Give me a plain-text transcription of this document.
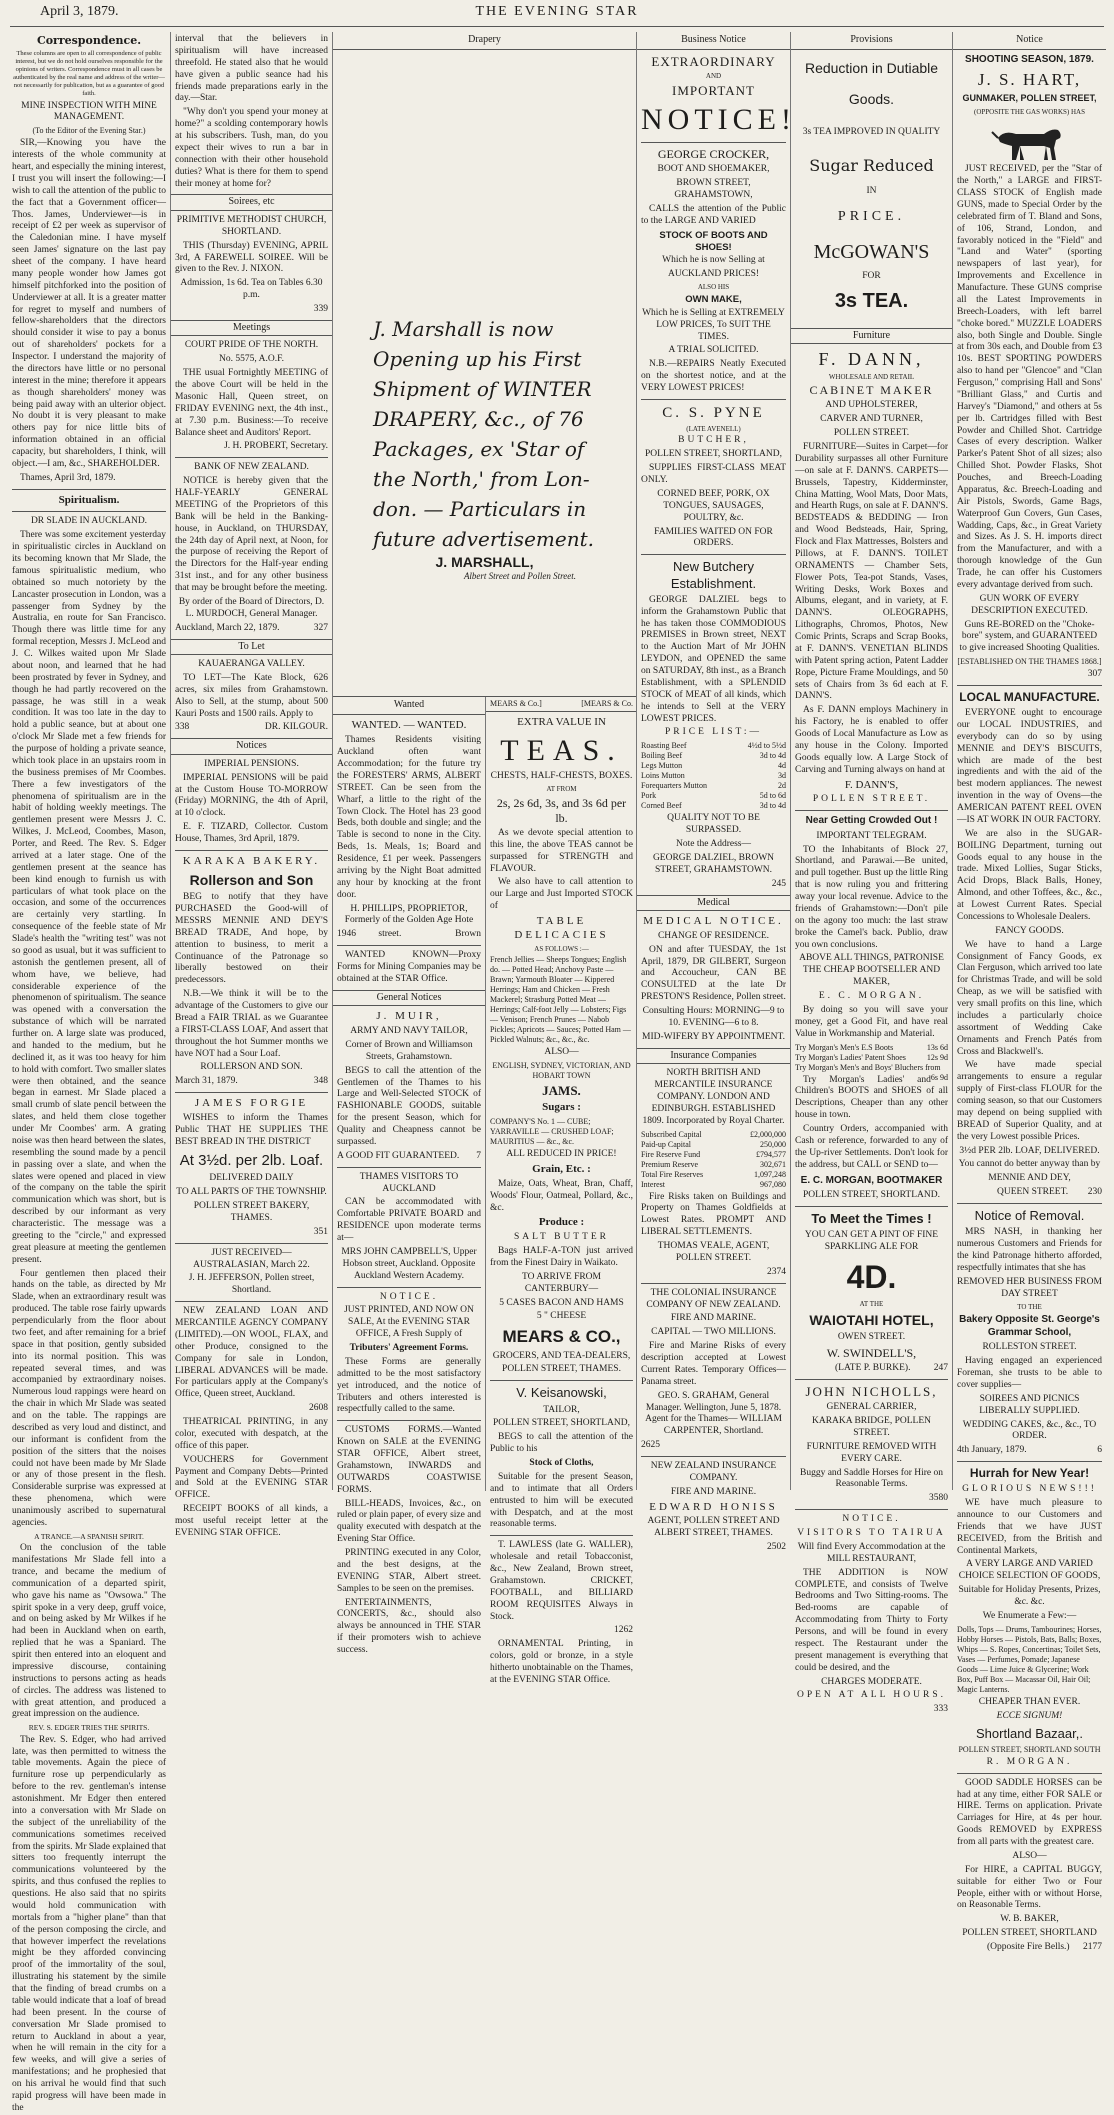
April 3, 1879.	THE EVENING STAR
Correspondence.
These columns are open to all correspondence of public interest, but we do not hold ourselves responsible for the opinions of writers. Correspondence must in all cases be authenticated by the real name and address of the writer—not necessarily for publication, but as a guarantee of good faith.
MINE INSPECTION WITH MINE MANAGEMENT.
(To the Editor of the Evening Star.)
SIR,—Knowing you have the interests of the whole community at heart, and especially the mining interest, I trust you will insert the following:—I wish to call the attention of the public to the fact that a Government officer—Thos. James, Underviewer—is in receipt of £2 per week as supervisor of the Caledonian mine. I have myself seen James' signature on the last pay sheet of the company. I have heard many people wonder how James got himself pitchforked into the position of Underviewer at all. It is a greater matter for regret to myself and numbers of fellow-shareholders that the directors should consider it wise to pay a bonus out of shareholders' pockets for a Inspector. I understand the majority of the directors have little or no personal interest in the mine; therefore it appears as though shareholders' money was being paid away with an ulterior object. No doubt it is very pleasant to make others pay for nice little bits of information obtained in an official capacity, but shareholders, I think, will object.—I am, &c., SHAREHOLDER.
Thames, April 3rd, 1879.
Spiritualism.
DR SLADE IN AUCKLAND.
There was some excitement yesterday in spiritualistic circles in Auckland on its becoming known that Mr Slade, the famous spiritualistic medium, who obtained so much notoriety by the Lancaster prosecution in London, was a passenger from Sydney by the Australia, en route for San Francisco. Though there was little time for any formal reception, Messrs J. McLeod and J. C. Wilkes waited upon Mr Slade about noon, and learned that he had been prostrated by fever in Sydney, and though he had partly recovered on the passage, he was still in a weak condition. It was too late in the day to hold a public seance, but at about one o'clock Mr Slade met a few friends for the purpose of holding a private seance, which took place in an upstairs room in the business premises of Mr Coombes. There a few investigators of the phenomena of spiritualism are in the habit of holding weekly meetings. The gentlemen present were Messrs J. C. Wilkes, J. McLeod, Coombes, Mason, Porter, and Reed. The Rev. S. Edger arrived at a later stage. One of the gentlemen present at the seance has been kind enough to furnish us with particulars of what took place on the occasion, and some of the occurrences are certainly very startling. In consequence of the feeble state of Mr Slade's health the "writing test" was not so good as usual, but it was sufficient to astonish the gentlemen present, all of whom have, we believe, had considerable experience of the phenomenon of spiritualism. The seance was opened with a conversation the substance of which will be narrated further on. A large slate was produced, and handed to the medium, but he declined it, as it was too heavy for him to hold with comfort. Two smaller slates were then obtained, and the seance began in earnest. Mr Slade placed a small crumb of slate pencil between the slates, and held them close together under Mr Coombes' arm. A grating noise was then heard between the slates, resembling the sound made by a pencil in passing over a slate, and when the slates were opened and placed in view of the company on the table the spirit communication which was short, but is described by our informant as very characteristic. The message was a greeting to the "circle," and expressed great pleasure at meeting the gentlemen present.
Four gentlemen then placed their hands on the table, as directed by Mr Slade, when an extraordinary result was produced. The table rose fairly upwards perpendicularly from the floor about two feet, and after remaining for a brief space in that position, gently subsided into its normal position. This was repeated several times, and was accompanied by extraordinary noises. Numerous loud rappings were heard on the chair in which Mr Slade was seated and on the table. The rappings are described as very loud and distinct, and our informant is confident from the position of the sitters that the noises could not have been made by Mr Slade or any of those present in the flesh. Considerable surprise was expressed at these phenomena, which were unanimously ascribed to supernatural agencies.
A TRANCE.—A SPANISH SPIRIT.
On the conclusion of the table manifestations Mr Slade fell into a trance, and became the medium of communication of a departed spirit, who gave his name as "Owsowa." The spirit spoke in a very deep, gruff voice, and on being asked by Mr Wilkes if he had been in Auckland when on earth, replied that he was a Spaniard. The spirit then entered into an eloquent and impressive discourse, containing instructions to persons acting as heads of circles. The address was listened to with great attention, and produced a great impression on the audience.
REV. S. EDGER TRIES THE SPIRITS.
The Rev. S. Edger, who had arrived late, was then permitted to witness the table movements. Again the piece of furniture rose up perpendicularly as before to the rev. gentleman's intense astonishment. Mr Edger then entered into a conversation with Mr Slade on the subject of the unreliability of the communications sometimes received from the spirits. Mr Slade explained that sitters too frequently interrupt the communications volunteered by the spirits, and thus confused the replies to questions. He also said that no spirits would hold communication with mortals from a "higher plane" than that of the person composing the circle, and that however imperfect the revelations might be they afforded convincing proof of the immortality of the soul, illustrating his statement by the simile that the finding of bread crumbs on a table would indicate that a loaf of bread had been present. In the course of conversation Mr Slade promised to return to Auckland in about a year, when he will remain in the city for a few weeks, and will give a series of manifestations; and he prophesied that on his arrival he would find that such rapid progress will have been made in the
interval that the believers in spiritualism will have increased threefold. He stated also that he would have given a public seance had his friends made preparations early in the day.—Star.
"Why don't you spend your money at home?" a scolding contemporary howls at his subscribers. Tush, man, do you expect their wives to run a bar in connection with their other household duties? What is there for them to spend their money at home for?
Soirees, etc
PRIMITIVE METHODIST CHURCH, SHORTLAND.
THIS (Thursday) EVENING, APRIL 3rd, A FAREWELL SOIREE. Will be given to the Rev. J. NIXON.
Admission, 1s 6d. Tea on Tables 6.30 p.m.
339
Meetings
COURT PRIDE OF THE NORTH.
No. 5575, A.O.F.
THE usual Fortnightly MEETING of the above Court will be held in the Masonic Hall, Queen street, on FRIDAY EVENING next, the 4th inst., at 7.30 p.m. Business:—To receive Balance sheet and Auditors' Report.
J. H. PROBERT, Secretary.
BANK OF NEW ZEALAND.
NOTICE is hereby given that the HALF-YEARLY GENERAL MEETING of the Proprietors of this Bank will be held in the Banking-house, in Auckland, on THURSDAY, the 24th day of April next, at Noon, for the purpose of receiving the Report of the Directors for the Half-year ending 31st inst., and for any other business that may be brought before the meeting.
By order of the Board of Directors, D. L. MURDOCH, General Manager.
Auckland, March 22, 1879.	327
To Let
KAUAERANGA VALLEY.
TO LET—The Kate Block, 626 acres, six miles from Grahamstown. Also to Sell, at the stump, about 500 Kauri Posts and 1500 rails. Apply to
338	DR. KILGOUR.
Notices
IMPERIAL PENSIONS.
IMPERIAL PENSIONS will be paid at the Custom House TO-MORROW (Friday) MORNING, the 4th of April, at 10 o'clock.
E. F. TIZARD, Collector. Custom House, Thames, 3rd April, 1879.
KARAKA BAKERY.
Rollerson and Son
BEG to notify that they have PURCHASED the Good-will of MESSRS MENNIE AND DEY'S BREAD TRADE, And hope, by attention to business, to merit a Continuance of the Patronage so liberally bestowed on their predecessors.
N.B.—We think it will be to the advantage of the Customers to give our Bread a FAIR TRIAL as we Guarantee a FIRST-CLASS LOAF, And assert that throughout the hot Summer months we have NOT had a Sour Loaf.
ROLLERSON AND SON.
March 31, 1879.	348
JAMES FORGIE
WISHES to inform the Thames Public THAT HE SUPPLIES THE BEST BREAD IN THE DISTRICT
At 3½d. per 2lb. Loaf.
DELIVERED DAILY
TO ALL PARTS OF THE TOWNSHIP.
POLLEN STREET BAKERY, THAMES.
351
JUST RECEIVED— AUSTRALASIAN, March 22.
J. H. JEFFERSON, Pollen street, Shortland.
NEW ZEALAND LOAN AND MERCANTILE AGENCY COMPANY (LIMITED).—ON WOOL, FLAX, and other Produce, consigned to the Company for sale in London, LIBERAL ADVANCES will be made. For particulars apply at the Company's Office, Queen street, Auckland.
2608
THEATRICAL PRINTING, in any color, executed with despatch, at the office of this paper.
VOUCHERS for Government Payment and Company Debts—Printed and Sold at the EVENING STAR OFFICE.
RECEIPT BOOKS of all kinds, a most useful receipt letter at the EVENING STAR OFFICE.
Drapery
J. Marshall is now
Opening up his First
Shipment of WINTER
DRAPERY, &c., of 76
Packages, ex 'Star of
the North,' from Lon-
don. — Particulars in
future advertisement.
J. MARSHALL,
Albert Street and Pollen Street.
Wanted
WANTED. — WANTED.
Thames Residents visiting Auckland often want Accommodation; for the future try the FORESTERS' ARMS, ALBERT STREET. Can be seen from the Wharf, a little to the right of the Town Clock. The Hotel has 23 good Beds, both double and single; and the Table is second to none in the City. Beds, 1s. Meals, 1s; Board and Residence, £1 per week. Passengers arriving by the Night Boat admitted any hour by knocking at the front door.
H. PHILLIPS, PROPRIETOR, Formerly of the Golden Age Hote
1946 street.	Brown
WANTED KNOWN—Proxy Forms for Mining Companies may be obtained at the STAR Office.
General Notices
J. MUIR,
ARMY AND NAVY TAILOR,
Corner of Brown and Williamson Streets, Grahamstown.
BEGS to call the attention of the Gentlemen of the Thames to his Large and Well-Selected STOCK of FASHIONABLE GOODS, suitable for the present Season, which for Quality and Cheapness cannot be surpassed.
A GOOD FIT GUARANTEED. 7
THAMES VISITORS TO AUCKLAND
CAN be accommodated with Comfortable PRIVATE BOARD and RESIDENCE upon moderate terms at—
MRS JOHN CAMPBELL'S, Upper Hobson street, Auckland. Opposite Auckland Western Academy.
NOTICE.
JUST PRINTED, AND NOW ON SALE, At the EVENING STAR OFFICE, A Fresh Supply of
Tributers' Agreement Forms.
These Forms are generally admitted to be the most satisfactory yet introduced, and the notice of Tributers and others interested is respectfully called to the same.
CUSTOMS FORMS.—Wanted Known on SALE at the EVENING STAR OFFICE, Albert street, Grahamstown, INWARDS and OUTWARDS COASTWISE FORMS.
BILL-HEADS, Invoices, &c., on ruled or plain paper, of every size and quality executed with despatch at the Evening Star Office.
PRINTING executed in any Color, and the best designs, at the EVENING STAR, Albert street. Samples to be seen on the premises.
ENTERTAINMENTS, CONCERTS, &c., should also always be announced in THE STAR if their promoters wish to achieve success.
MEARS & Co.]	[MEARS & Co.
EXTRA VALUE IN
TEAS.
CHESTS, HALF-CHESTS, BOXES.
AT FROM
2s, 2s 6d, 3s, and 3s 6d per lb.
As we devote special attention to this line, the above TEAS cannot be surpassed for STRENGTH and FLAVOUR.
We also have to call attention to our Large and Just Imported STOCK of
TABLE DELICACIES
AS FOLLOWS :—
French Jellies — Sheeps Tongues; English do. — Potted Head; Anchovy Paste — Brawn; Yarmouth Bloater — Kippered Herrings; Ham and Chicken — Fresh Mackerel; Strasburg Potted Meat — Herrings; Calf-foot Jelly — Lobsters; Figs — Venison; French Prunes — Nabob Pickles; Apricots — Sauces; Potted Ham — Pickled Walnuts; &c., &c., &c.
ALSO—
ENGLISH, SYDNEY, VICTORIAN, AND HOBART TOWN
JAMS.
Sugars :
COMPANY'S No. 1 — CUBE; YARRAVILLE — CRUSHED LOAF; MAURITIUS — &c., &c.
ALL REDUCED IN PRICE!
Grain, Etc. :
Maize, Oats, Wheat, Bran, Chaff, Woods' Flour, Oatmeal, Pollard, &c., &c.
Produce :
SALT BUTTER
Bags HALF-A-TON just arrived from the Finest Dairy in Waikato.
TO ARRIVE FROM CANTERBURY—
5 CASES BACON AND HAMS
5 " CHEESE
MEARS & CO.,
GROCERS, AND TEA-DEALERS,
POLLEN STREET, THAMES.
V. Keisanowski,
TAILOR,
POLLEN STREET, SHORTLAND,
BEGS to call the attention of the Public to his
Stock of Cloths,
Suitable for the present Season, and to intimate that all Orders entrusted to him will be executed with Despatch, and at the most reasonable terms.
T. LAWLESS (late G. WALLER), wholesale and retail Tobacconist, &c., New Zealand, Brown street, Grahamstown. CRICKET, FOOTBALL, and BILLIARD ROOM REQUISITES Always in Stock.
1262
ORNAMENTAL Printing, in colors, gold or bronze, in a style hitherto unobtainable on the Thames, at the EVENING STAR Office.
Business Notice
EXTRAORDINARY
AND
IMPORTANT
NOTICE!
GEORGE CROCKER,
BOOT AND SHOEMAKER,
BROWN STREET, GRAHAMSTOWN,
CALLS the attention of the Public to the LARGE AND VARIED
STOCK OF BOOTS AND SHOES!
Which he is now Selling at
AUCKLAND PRICES!
ALSO HIS
OWN MAKE,
Which he is Selling at EXTREMELY LOW PRICES, To SUIT THE TIMES.
A TRIAL SOLICITED.
N.B.—REPAIRS Neatly Executed on the shortest notice, and at the VERY LOWEST PRICES!
C. S. PYNE
(LATE AVENELL)
BUTCHER,
POLLEN STREET, SHORTLAND,
SUPPLIES FIRST-CLASS MEAT ONLY.
CORNED BEEF, PORK, OX TONGUES, SAUSAGES, POULTRY, &c.
FAMILIES WAITED ON FOR ORDERS.
New Butchery Establishment.
GEORGE DALZIEL begs to inform the Grahamstown Public that he has taken those COMMODIOUS PREMISES in Brown street, NEXT to the Auction Mart of Mr JOHN LEYDON, and OPENED the same on SATURDAY, 8th inst., as a Branch Establishment, with a SPLENDID STOCK of MEAT of all kinds, which he intends to Sell at the VERY LOWEST PRICES.
PRICE LIST:—
Roasting Beef	4½d to 5½d
Boiling Beef	3d to 4d
Legs Mutton	4d
Loins Mutton	3d
Forequarters Mutton	2d
Pork	5d to 6d
Corned Beef	3d to 4d
QUALITY NOT TO BE SURPASSED.
Note the Address—
GEORGE DALZIEL, BROWN STREET, GRAHAMSTOWN.
245
Medical
MEDICAL NOTICE.
CHANGE OF RESIDENCE.
ON and after TUESDAY, the 1st April, 1879, DR GILBERT, Surgeon and Accoucheur, CAN BE CONSULTED at the late Dr PRESTON'S Residence, Pollen street.
Consulting Hours: MORNING—9 to 10. EVENING—6 to 8.
MID-WIFERY BY APPOINTMENT.
Insurance Companies
NORTH BRITISH AND MERCANTILE INSURANCE COMPANY. LONDON AND EDINBURGH. ESTABLISHED 1809. Incorporated by Royal Charter.
Subscribed Capital	£2,000,000
Paid-up Capital	250,000
Fire Reserve Fund	£794,577
Premium Reserve	302,671
Total Fire Reserves	1,097,248
Interest	967,080
Fire Risks taken on Buildings and Property on Thames Goldfields at Lowest Rates. PROMPT AND LIBERAL SETTLEMENTS.
THOMAS VEALE, AGENT, POLLEN STREET.
2374
THE COLONIAL INSURANCE COMPANY OF NEW ZEALAND.
FIRE AND MARINE.
CAPITAL — TWO MILLIONS.
Fire and Marine Risks of every description accepted at Lowest Current Rates. Temporary Offices—Panama street.
GEO. S. GRAHAM, General Manager. Wellington, June 5, 1878. Agent for the Thames— WILLIAM CARPENTER, Shortland.
2625
NEW ZEALAND INSURANCE COMPANY.
FIRE AND MARINE.
EDWARD HONISS
AGENT, POLLEN STREET AND ALBERT STREET, THAMES.
2502
Provisions
Reduction in Dutiable
Goods.
3s TEA IMPROVED IN QUALITY
Sugar Reduced
IN
PRICE.
McGOWAN'S
FOR
3s TEA.
Furniture
F. DANN,
WHOLESALE AND RETAIL
CABINET MAKER
AND UPHOLSTERER,
CARVER AND TURNER,
POLLEN STREET.
FURNITURE—Suites in Carpet—for Durability surpasses all other Furniture—on sale at F. DANN'S. CARPETS—Brussels, Tapestry, Kidderminster, China Matting, Wool Mats, Door Mats, and Hearth Rugs, on sale at F. DANN'S. BEDSTEADS & BEDDING — Iron and Wood Bedsteads, Hair, Spring, Flock and Flax Mattresses, Bolsters and Pillows, at F. DANN'S. TOILET ORNAMENTS — Chamber Sets, Flower Pots, Tea-pot Stands, Vases, Writing Desks, Work Boxes and Albums, elegant, and in variety, at F. DANN'S. OLEOGRAPHS, Lithographs, Chromos, Photos, New Comic Prints, Scraps and Scrap Books, at F. DANN'S. VENETIAN BLINDS with Patent spring action, Patent Ladder Rope, Picture Frame Mouldings, and 50 sets of Chairs from 3s 6d each at F. DANN'S.
As F. DANN employs Machinery in his Factory, he is enabled to offer Goods of Local Manufacture as Low as any house in the Colony. Imported Goods equally low. A Large Stock of Carving and Turning always on hand at
F. DANN'S,
POLLEN STREET.
Near Getting Crowded Out !
IMPORTANT TELEGRAM.
TO the Inhabitants of Block 27, Shortland, and Parawai.—Be united, and pull together. Bust up the little Ring that is now ruling you and frittering away your local revenue. Advice to the friends of Grahamstown:—Don't pile on the agony too much: the last straw broke the Camel's back. Publio, draw you own conclusions.
ABOVE ALL THINGS, PATRONISE THE CHEAP BOOTSELLER AND MAKER,
E. C. MORGAN.
By doing so you will save your money, get a Good Fit, and have real Value in Workmanship and Material.
Try Morgan's Men's E.S Boots	13s 6d
Try Morgan's Ladies' Patent Shoes	12s 9d
Try Morgan's Men's and Boys' Bluchers from
6s 9d
Try Morgan's Ladies' and Children's BOOTS and SHOES of all Descriptions, Cheaper than any other house in town.
Country Orders, accompanied with Cash or reference, forwarded to any of the Up-river Settlements. Don't look for the address, but CALL or SEND to—
E. C. MORGAN, BOOTMAKER
POLLEN STREET, SHORTLAND.
To Meet the Times !
YOU CAN GET A PINT OF FINE SPARKLING ALE FOR
4D.
AT THE
WAIOTAHI HOTEL,
OWEN STREET.
W. SWINDELL'S,
(LATE P. BURKE). 247
JOHN NICHOLLS,
GENERAL CARRIER,
KARAKA BRIDGE, POLLEN STREET.
FURNITURE REMOVED WITH EVERY CARE.
Buggy and Saddle Horses for Hire on Reasonable Terms.
3580
NOTICE.
VISITORS TO TAIRUA
Will find Every Accommodation at the MILL RESTAURANT,
THE ADDITION is NOW COMPLETE, and consists of Twelve Bedrooms and Two Sitting-rooms. The Bed-rooms are capable of Accommodating from Thirty to Forty Persons, and will be found in every respect. The Restaurant under the present management is everything that could be desired, and the
CHARGES MODERATE.
OPEN AT ALL HOURS.
333
Notice
SHOOTING SEASON, 1879.
J. S. HART,
GUNMAKER, POLLEN STREET,
(OPPOSITE THE GAS WORKS) HAS
JUST RECEIVED, per the "Star of the North," a LARGE and FIRST-CLASS STOCK of English made GUNS, made to Special Order by the celebrated firm of T. Bland and Sons, of 106, Strand, London, and favorably noticed in the "Field" and "Land and Water" (sporting newspapers of last year), for Improvements and Excellence in Manufacture. These GUNS comprise all the Latest Improvements in Breech-Loaders, with left barrel "choke bored." MUZZLE LOADERS also, both Single and Double. Single at from 30s each, and Double from £3 10s. BEST SPORTING POWDERS also to hand per "Glencoe" and "Clan Ferguson," comprising Hall and Sons' "Brilliant Glass," and Curtis and Harvey's "Diamond," and others at 5s per lb. Cartridges filled with Best Powder and Chilled Shot. Cartridge Cases of every description. Walker Parker's Patent Shot of all sizes; also Chilled Shot. Powder Flasks, Shot Pouches, and Breech-Loading Apparatus, &c. Breech-Loading and Air Pistols, Swords, Game Bags, Waterproof Gun Covers, Gun Cases, Wadding, Caps, &c., in Great Variety and Sizes. As J. S. H. imports direct from the Manufacturer, and with a thorough knowledge of the Gun Trade, he can offer his Customers every advantage derived from such.
GUN WORK OF EVERY DESCRIPTION EXECUTED.
Guns RE-BORED on the "Choke-bore" system, and GUARANTEED to give increased Shooting Qualities.
[ESTABLISHED ON THE THAMES 1868.]
307
LOCAL MANUFACTURE.
EVERYONE ought to encourage our LOCAL INDUSTRIES, and everybody can do so by using MENNIE and DEY'S BISCUITS, which are made of the best ingredients and with the aid of the best modern appliances. The newest invention in the way of Ovens—the AMERICAN PATENT REEL OVEN—IS AT WORK IN OUR FACTORY.
We are also in the SUGAR-BOILING Department, turning out Goods equal to any house in the trade. Mixed Lollies, Sugar Sticks, Acid Drops, Black Balls, Honey, Almond, and other Toffees, &c., &c., at Lowest Current Rates. Special Concessions to Wholesale Dealers.
FANCY GOODS.
We have to hand a Large Consignment of Fancy Goods, ex Clan Ferguson, which arrived too late for Christmas Trade, and will be sold Cheap, as we will be satisfied with very small profits on this line, which includes a particularly choice assortment of Wedding Cake Ornaments and French Patés from Cross and Blackwell's.
We have made special arrangements to ensure a regular supply of First-class FLOUR for the coming season, so that our Customers may depend on being supplied with BREAD of Superior Quality, and at the very Lowest possible Prices.
3½d PER 2lb. LOAF, DELIVERED.
You cannot do better anyway than by
MENNIE AND DEY,
QUEEN STREET. 230
Notice of Removal.
MRS NASH, in thanking her numerous Customers and Friends for the kind Patronage hitherto afforded, respectfully intimates that she has
REMOVED HER BUSINESS FROM DAY STREET
TO THE
Bakery Opposite St. George's Grammar School,
ROLLESTON STREET.
Having engaged an experienced Foreman, she trusts to be able to cover supplies—
SOIREES AND PICNICS LIBERALLY SUPPLIED.
WEDDING CAKES, &c., &c., TO ORDER.
4th January, 1879.	6
Hurrah for New Year!
GLORIOUS NEWS!!!
WE have much pleasure to announce to our Customers and Friends that we have JUST RECEIVED, from the British and Continental Markets,
A VERY LARGE AND VARIED CHOICE SELECTION OF GOODS,
Suitable for Holiday Presents, Prizes, &c. &c.
We Enumerate a Few:—
Dolls, Tops — Drums, Tambourines; Horses, Hobby Horses — Pistols, Bats, Balls; Boxes, Whips — S. Ropes, Concertinas; Toilet Sets, Vases — Perfumes, Pomade; Japanese Goods — Lime Juice & Glycerine; Work Box, Puff Box — Macassar Oil, Hair Oil; Magic Lanterns.
CHEAPER THAN EVER.
ECCE SIGNUM!
Shortland Bazaar,.
POLLEN STREET, SHORTLAND SOUTH
R. MORGAN.
GOOD SADDLE HORSES can be had at any time, either FOR SALE or HIRE. Terms on application. Private Carriages for Hire, at 4s per hour. Goods REMOVED by EXPRESS from all parts with the greatest care.
ALSO—
For HIRE, a CAPITAL BUGGY, suitable for either Two or Four People, either with or without Horse, on Reasonable Terms.
W. B. BAKER,
POLLEN STREET, SHORTLAND
(Opposite Fire Bells.) 2177
